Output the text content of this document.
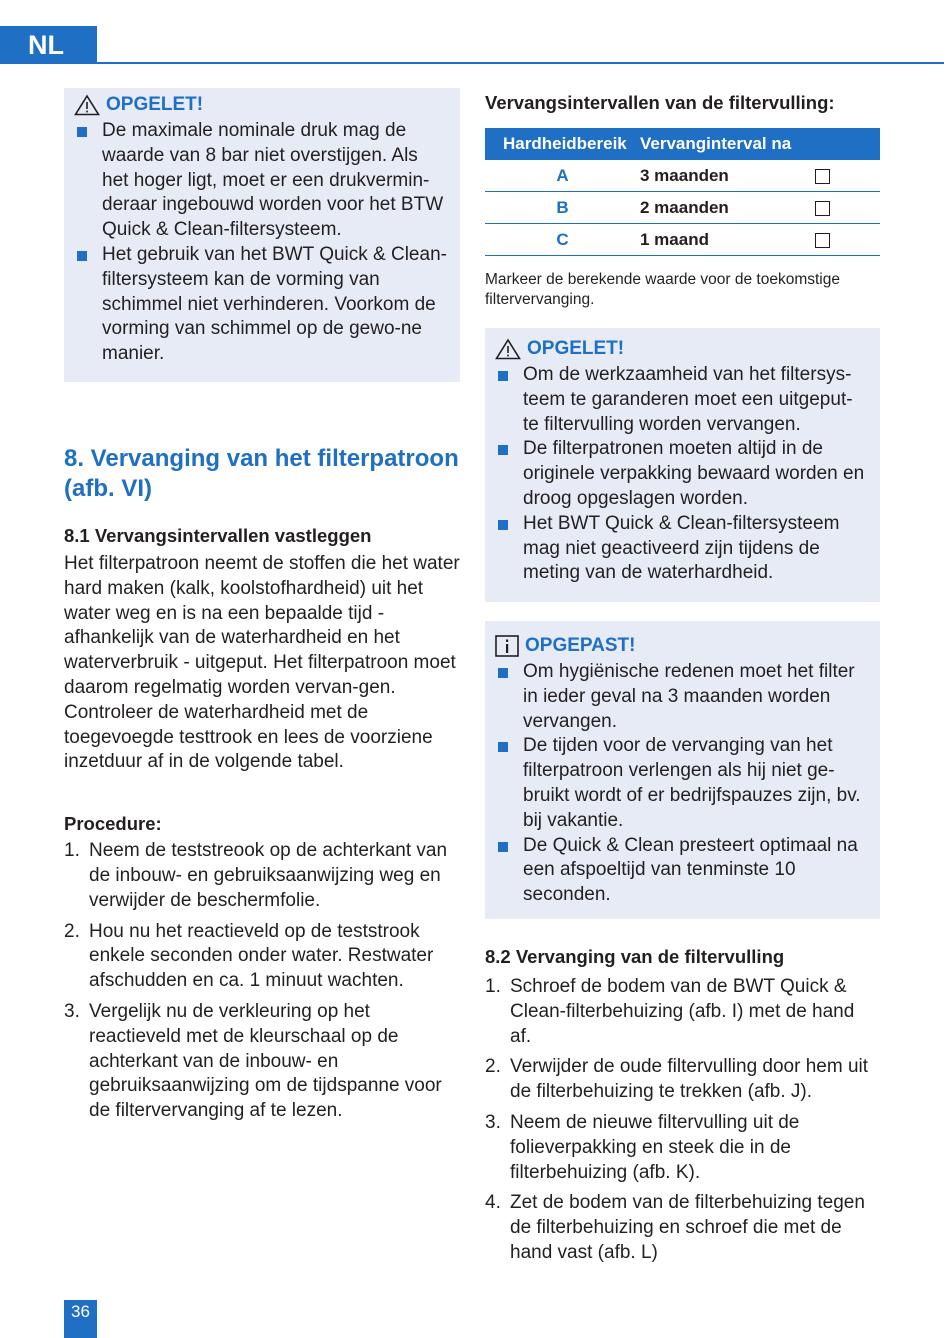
NL
OPGELET!
De maximale nominale druk mag de waarde van 8 bar niet overstijgen. Als het hoger ligt, moet er een drukvermin-deraar ingebouwd worden voor het BTW Quick & Clean-filtersysteem.
Het gebruik van het BWT Quick & Clean-filtersysteem kan de vorming van schimmel niet verhinderen. Voorkom de vorming van schimmel op de gewo-ne manier.
8. Vervanging van het filterpatroon (afb. VI)
8.1 Vervangsintervallen vastleggen

Het filterpatroon neemt de stoffen die het water hard maken (kalk, koolstofhardheid) uit het water weg en is na een bepaalde tijd - afhankelijk van de waterhardheid en het waterverbruik - uitgeput. Het filterpatroon moet daarom regelmatig worden vervan-gen. Controleer de waterhardheid met de toegevoegde testtrook en lees de voorziene inzetduur af in de volgende tabel.

Procedure:
1. Neem de teststreook op de achterkant van de inbouw- en gebruiksaanwijzing weg en verwijder de beschermfolie.
2. Hou nu het reactieveld op de teststrook enkele seconden onder water. Restwater afschudden en ca. 1 minuut wachten.
3. Vergelijk nu de verkleuring op het reactieveld met de kleurschaal op de achterkant van de inbouw- en gebruiksaanwijzing om de tijdspanne voor de filtervervanging af te lezen.
Vervangsintervallen van de filtervulling:
Hardheidbereik	Vervanginterval na	
A	3 maanden	
B	2 maanden	
C	1 maand	

Markeer de berekende waarde voor de toekomstige filtervervanging.

OPGELET!
Om de werkzaamheid van het filtersys-teem te garanderen moet een uitgeput-te filtervulling worden vervangen.
De filterpatronen moeten altijd in de originele verpakking bewaard worden en droog opgeslagen worden.
Het BWT Quick & Clean-filtersysteem mag niet geactiveerd zijn tijdens de meting van de waterhardheid.
OPGEPAST!
Om hygiënische redenen moet het filter in ieder geval na 3 maanden worden vervangen.
De tijden voor de vervanging van het filterpatroon verlengen als hij niet ge-bruikt wordt of er bedrijfspauzes zijn, bv. bij vakantie.
De Quick & Clean presteert optimaal na een afspoeltijd van tenminste 10 seconden.
8.2 Vervanging van de filtervulling
1. Schroef de bodem van de BWT Quick & Clean-filterbehuizing (afb. I) met de hand af.
2. Verwijder de oude filtervulling door hem uit de filterbehuizing te trekken (afb. J).
3. Neem de nieuwe filtervulling uit de folieverpakking en steek die in de filterbehuizing (afb. K).
4. Zet de bodem van de filterbehuizing tegen de filterbehuizing en schroef die met de hand vast (afb. L)
36
